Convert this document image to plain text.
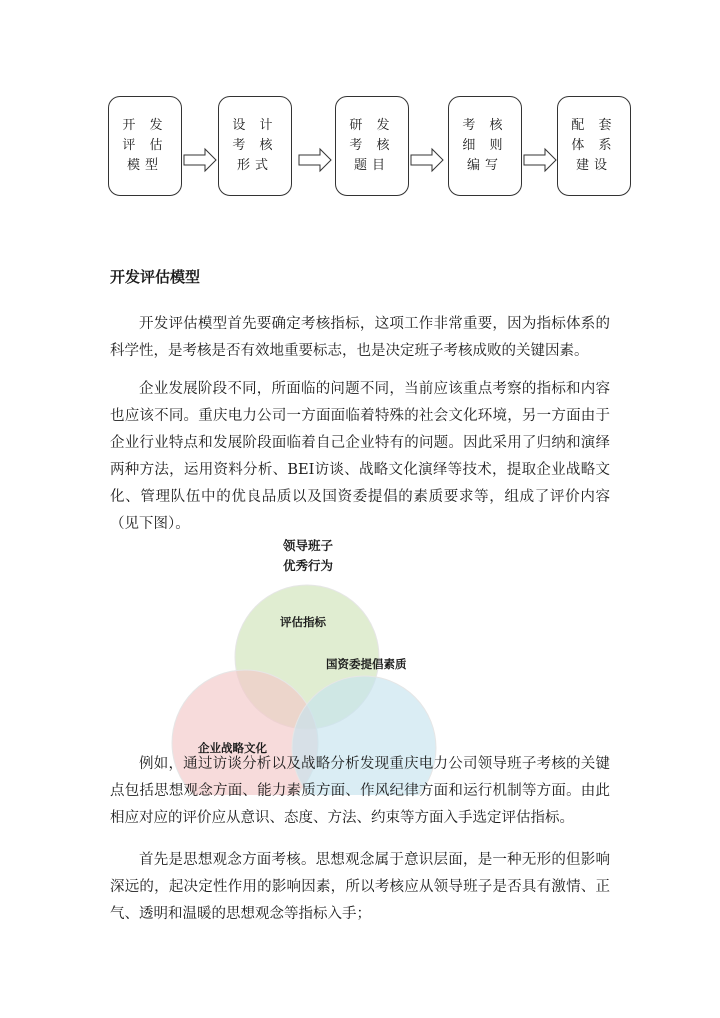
开 发
评 估
模型
设 计
考 核
形式
研 发
考 核
题目
考 核
细 则
编写
配 套
体 系
建设
开发评估模型

开发评估模型首先要确定考核指标，这项工作非常重要，因为指标体系的科学性，是考核是否有效地重要标志，也是决定班子考核成败的关键因素。

企业发展阶段不同，所面临的问题不同，当前应该重点考察的指标和内容也应该不同。重庆电力公司一方面面临着特殊的社会文化环境，另一方面由于企业行业特点和发展阶段面临着自己企业特有的问题。因此采用了归纳和演绎两种方法，运用资料分析、BEI访谈、战略文化演绎等技术，提取企业战略文化、管理队伍中的优良品质以及国资委提倡的素质要求等，组成了评价内容（见下图）。

领导班子
优秀行为
评估指标
国资委提倡素质
企业战略文化

例如，通过访谈分析以及战略分析发现重庆电力公司领导班子考核的关键点包括思想观念方面、能力素质方面、作风纪律方面和运行机制等方面。由此相应对应的评价应从意识、态度、方法、约束等方面入手选定评估指标。

首先是思想观念方面考核。思想观念属于意识层面，是一种无形的但影响深远的，起决定性作用的影响因素，所以考核应从领导班子是否具有激情、正气、透明和温暖的思想观念等指标入手；
